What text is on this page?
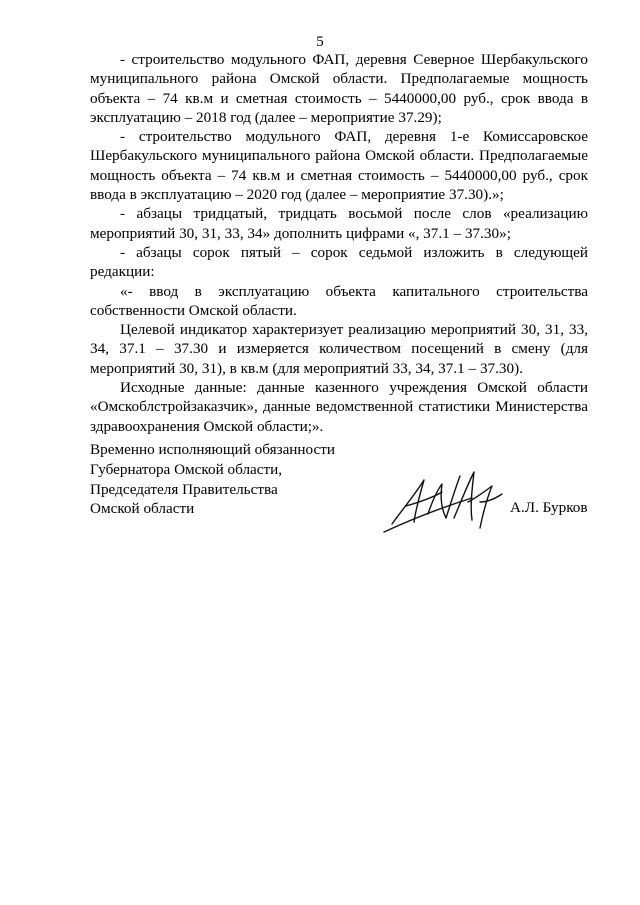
5

- строительство модульного ФАП, деревня Северное Шербакульского муниципального района Омской области. Предполагаемые мощность объекта – 74 кв.м и сметная стоимость – 5440000,00 руб., срок ввода в эксплуатацию – 2018 год (далее – мероприятие 37.29);

- строительство модульного ФАП, деревня 1-е Комиссаровское Шербакульского муниципального района Омской области. Предполагаемые мощность объекта – 74 кв.м и сметная стоимость – 5440000,00 руб., срок ввода в эксплуатацию – 2020 год (далее – мероприятие 37.30).»;

- абзацы тридцатый, тридцать восьмой после слов «реализацию мероприятий 30, 31, 33, 34» дополнить цифрами «, 37.1 – 37.30»;

- абзацы сорок пятый – сорок седьмой изложить в следующей редакции:

«- ввод в эксплуатацию объекта капитального строительства собственности Омской области.

Целевой индикатор характеризует реализацию мероприятий 30, 31, 33, 34, 37.1 – 37.30 и измеряется количеством посещений в смену (для мероприятий 30, 31), в кв.м (для мероприятий 33, 34, 37.1 – 37.30).

Исходные данные: данные казенного учреждения Омской области «Омскоблстройзаказчик», данные ведомственной статистики Министерства здравоохранения Омской области;».

Временно исполняющий обязанности
Губернатора Омской области,
Председателя Правительства
Омской области	А.Л. Бурков
